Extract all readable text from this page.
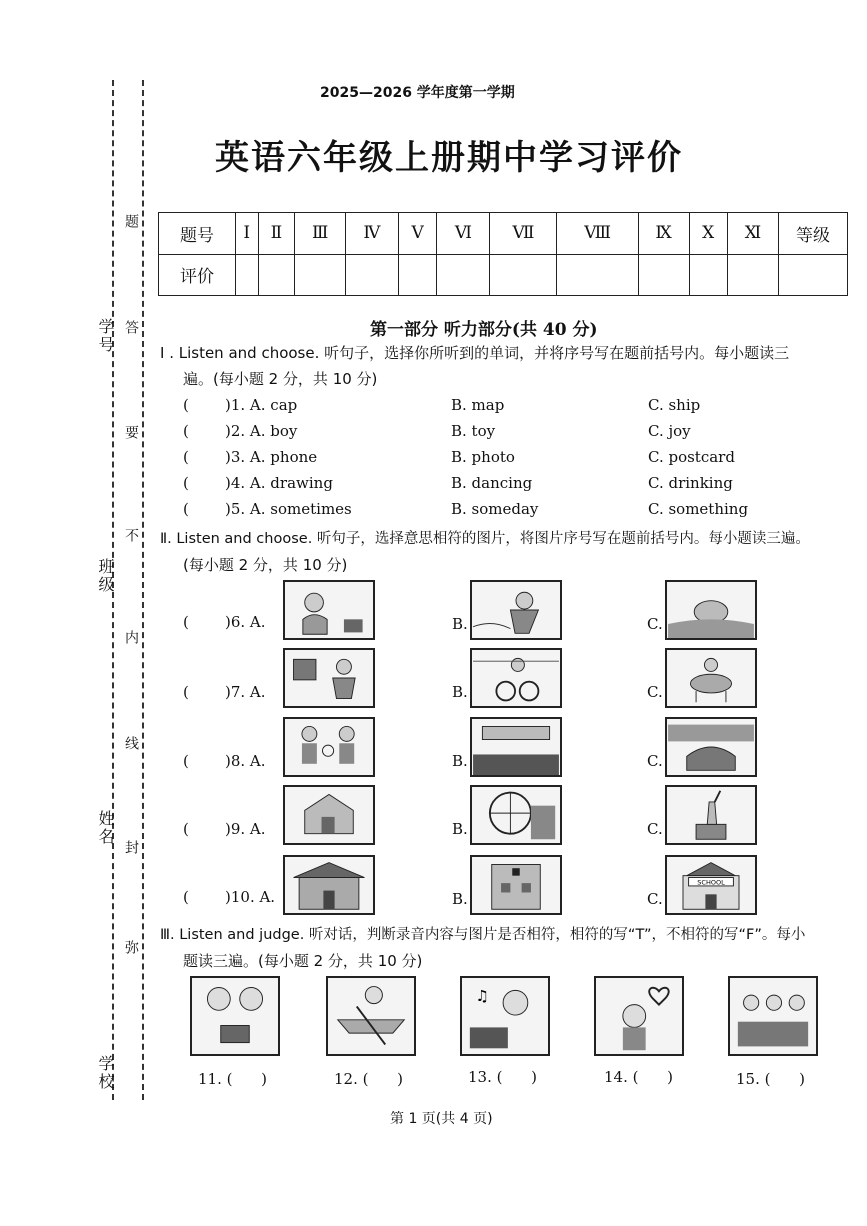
学号
班级
姓名
学校
题
答
要
不
内
线
封
弥
2025—2026 学年度第一学期
英语六年级上册期中学习评价
题号	I	Ⅱ	Ⅲ	Ⅳ	V	Ⅵ	Ⅶ	Ⅷ	Ⅸ	X	Ⅺ	等级
评价												
第一部分 听力部分(共 40 分)
I . Listen and choose. 听句子，选择你所听到的单词，并将序号写在题前括号内。每小题读三
遍。(每小题 2 分，共 10 分)
( )1. A. cap	B. map	C. ship
( )2. A. boy	B. toy	C. joy
( )3. A. phone	B. photo	C. postcard
( )4. A. drawing	B. dancing	C. drinking
( )5. A. sometimes	B. someday	C. something
Ⅱ. Listen and choose. 听句子，选择意思相符的图片，将图片序号写在题前括号内。每小题读三遍。
(每小题 2 分，共 10 分)
( )6. A.	B.	C.
( )7. A.	B.	C.
( )8. A.	B.	C.
( )9. A.	B.	C.
( )10. A.	B.	C.
SCHOOL
Ⅲ. Listen and judge. 听对话，判断录音内容与图片是否相符，相符的写“T”，不相符的写“F”。每小
题读三遍。(每小题 2 分，共 10 分)
♫
11. (      )	12. (      )	13. (      )	14. (      )	15. (      )
第 1 页(共 4 页)
